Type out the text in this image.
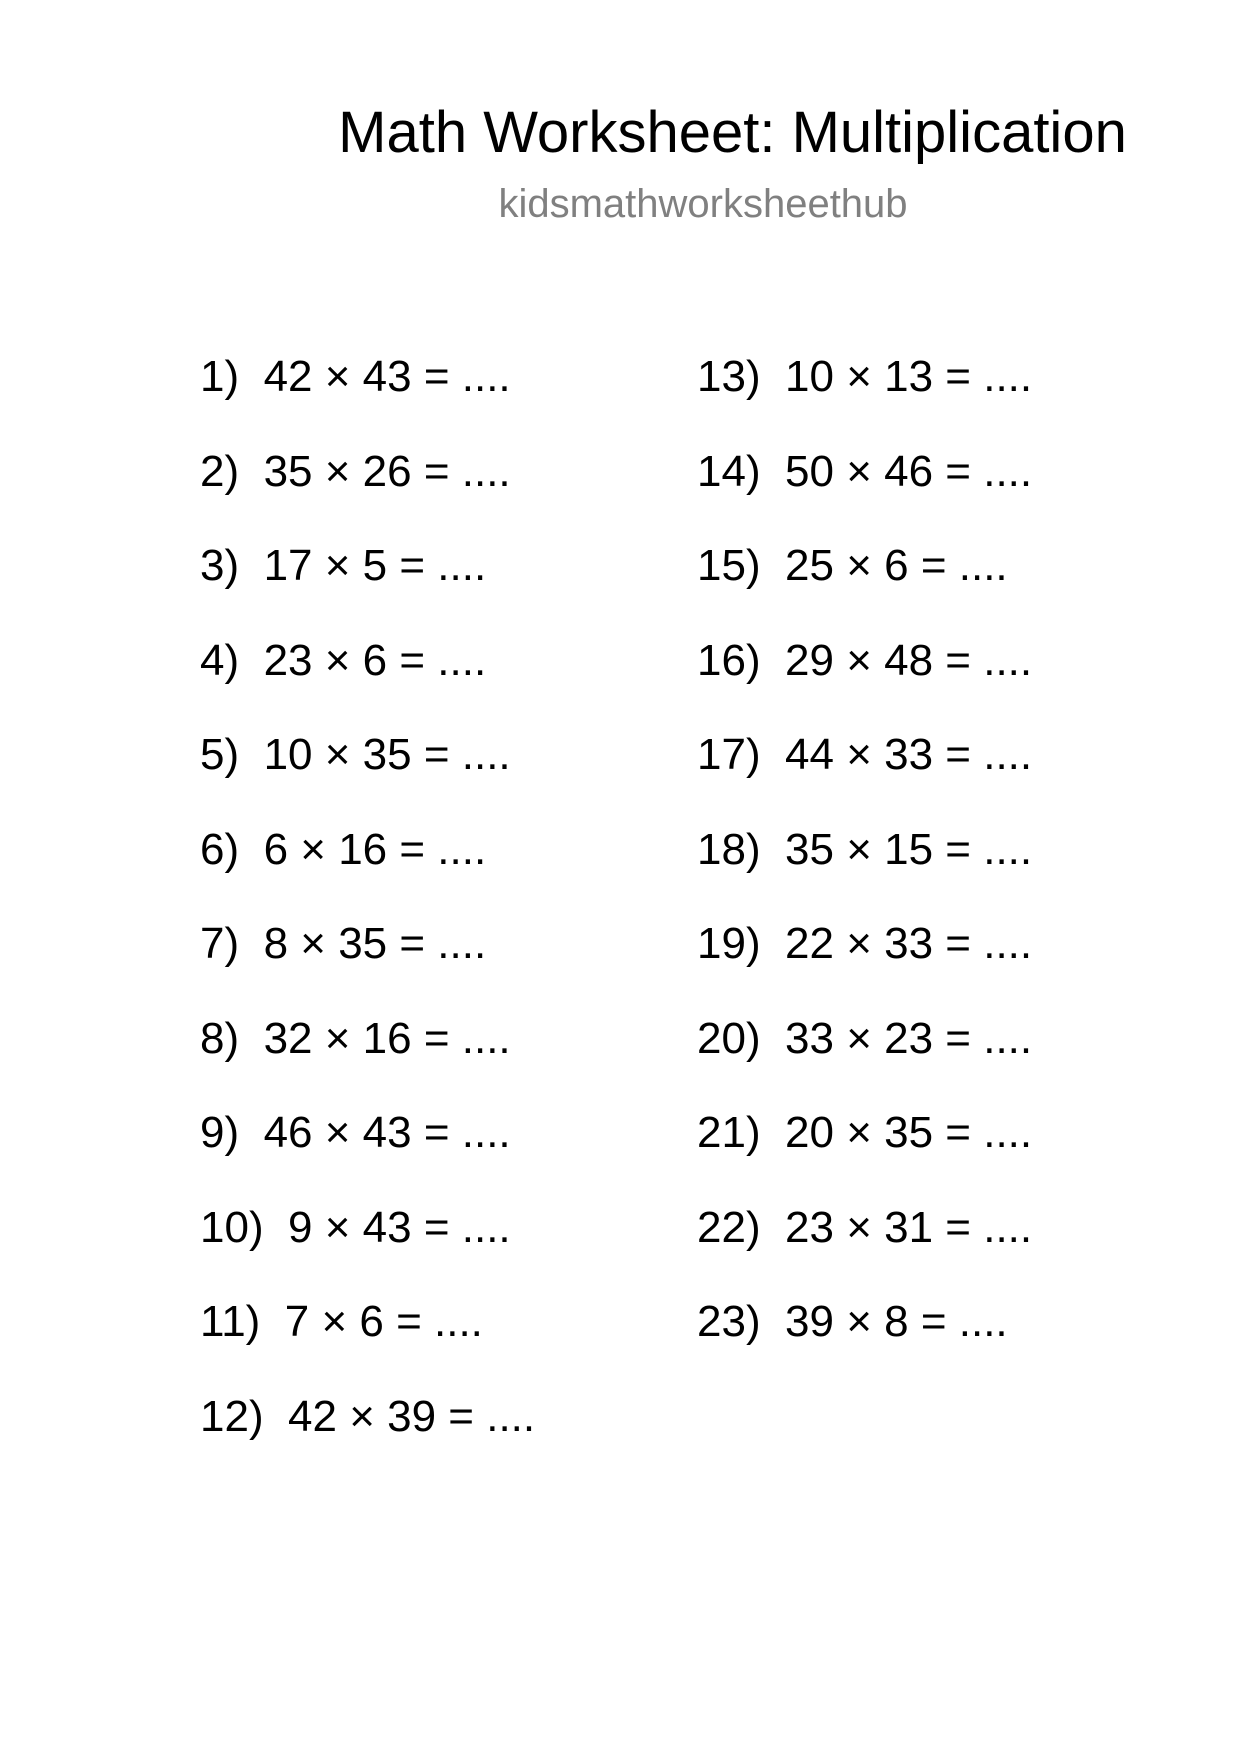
Math Worksheet: Multiplication
kidsmathworksheethub
1) 42 × 43 = ....
2) 35 × 26 = ....
3) 17 × 5 = ....
4) 23 × 6 = ....
5) 10 × 35 = ....
6) 6 × 16 = ....
7) 8 × 35 = ....
8) 32 × 16 = ....
9) 46 × 43 = ....
10) 9 × 43 = ....
11) 7 × 6 = ....
12) 42 × 39 = ....
13) 10 × 13 = ....
14) 50 × 46 = ....
15) 25 × 6 = ....
16) 29 × 48 = ....
17) 44 × 33 = ....
18) 35 × 15 = ....
19) 22 × 33 = ....
20) 33 × 23 = ....
21) 20 × 35 = ....
22) 23 × 31 = ....
23) 39 × 8 = ....
